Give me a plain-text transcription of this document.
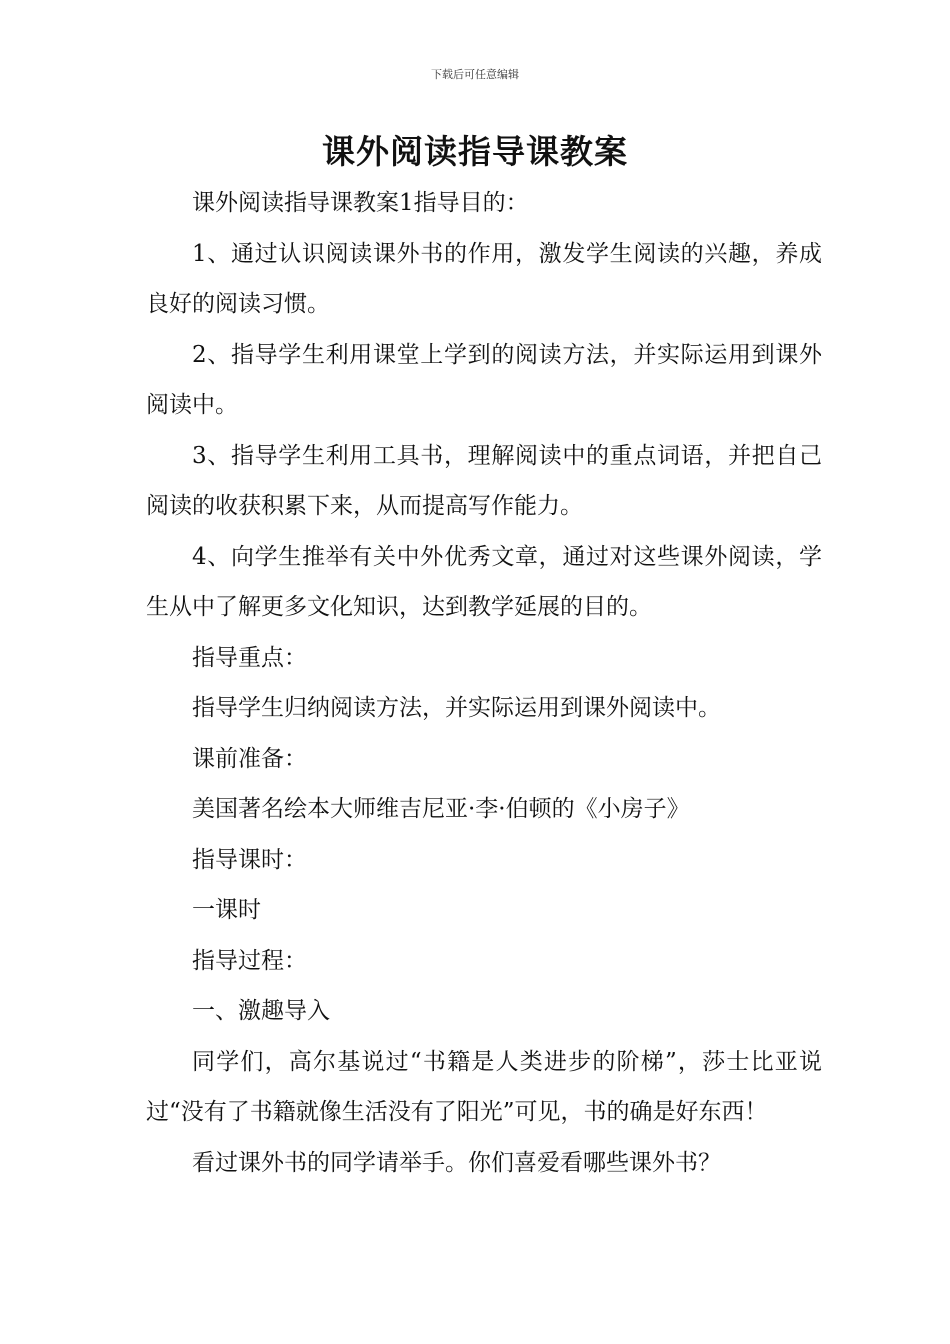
下载后可任意编辑
课外阅读指导课教案

课外阅读指导课教案1指导目的：

1、通过认识阅读课外书的作用，激发学生阅读的兴趣，养成良好的阅读习惯。

2、指导学生利用课堂上学到的阅读方法，并实际运用到课外阅读中。

3、指导学生利用工具书，理解阅读中的重点词语，并把自己阅读的收获积累下来，从而提高写作能力。

4、向学生推举有关中外优秀文章，通过对这些课外阅读，学生从中了解更多文化知识，达到教学延展的目的。

指导重点：

指导学生归纳阅读方法，并实际运用到课外阅读中。

课前准备：

美国著名绘本大师维吉尼亚·李·伯顿的《小房子》

指导课时：

一课时

指导过程：

一、激趣导入

同学们，高尔基说过“书籍是人类进步的阶梯”，莎士比亚说过“没有了书籍就像生活没有了阳光”可见，书的确是好东西！

看过课外书的同学请举手。你们喜爱看哪些课外书？
